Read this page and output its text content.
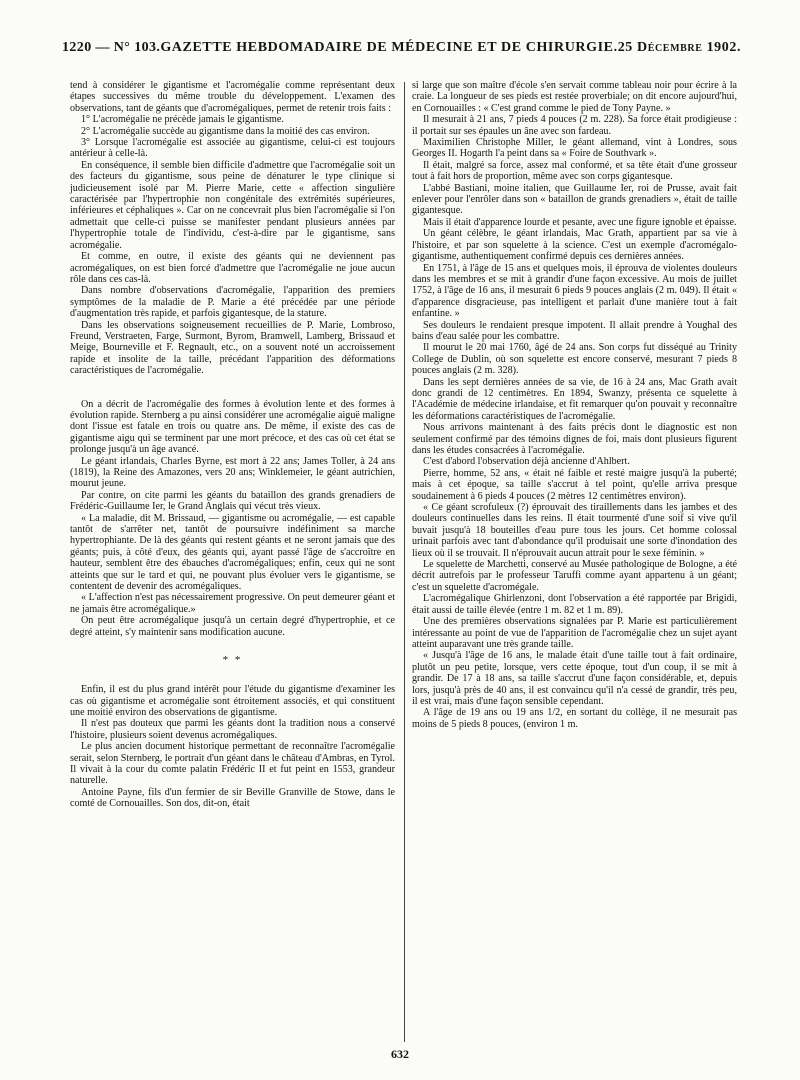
1220 — N° 103. GAZETTE HEBDOMADAIRE DE MÉDECINE ET DE CHIRURGIE. 25 Décembre 1902.

tend à considérer le gigantisme et l'acromégalie comme représentant deux étapes successives du même trouble du développement. L'examen des observations, tant de géants que d'acromégaliques, permet de retenir trois faits :

1° L'acromégalie ne précède jamais le gigantisme.

2° L'acromégalie succède au gigantisme dans la moitié des cas environ.

3° Lorsque l'acromégalie est associée au gigantisme, celui-ci est toujours antérieur à celle-là.

En conséquence, il semble bien difficile d'admettre que l'acromégalie soit un des facteurs du gigantisme, sous peine de dénaturer le type clinique si judicieusement isolé par M. Pierre Marie, cette « affection singulière caractérisée par l'hypertrophie non congénitale des extrémités supérieures, inférieures et céphaliques ». Car on ne concevrait plus bien l'acromégalie si l'on admettait que celle-ci puisse se manifester pendant plusieurs années par l'hypertrophie totale de l'individu, c'est-à-dire par le gigantisme, sans acromégalie.

Et comme, en outre, il existe des géants qui ne deviennent pas acromégaliques, on est bien forcé d'admettre que l'acromégalie ne joue aucun rôle dans ces cas-là.

Dans nombre d'observations d'acromégalie, l'apparition des premiers symptômes de la maladie de P. Marie a été précédée par une période d'augmentation très rapide, et parfois gigantesque, de la stature.

Dans les observations soigneusement recueillies de P. Marie, Lombroso, Freund, Verstraeten, Farge, Surmont, Byrom, Bramwell, Lamberg, Brissaud et Meige, Bourneville et F. Regnault, etc., on a souvent noté un accroissement rapide et insolite de la taille, précédant l'apparition des déformations caractéristiques de l'acromégalie.

On a décrit de l'acromégalie des formes à évolution lente et des formes à évolution rapide. Sternberg a pu ainsi considérer une acromégalie aiguë maligne dont l'issue est fatale en trois ou quatre ans. De même, il existe des cas de gigantisme aigu qui se terminent par une mort précoce, et des cas où cet état se prolonge jusqu'à un âge avancé.

Le géant irlandais, Charles Byrne, est mort à 22 ans; James Toller, à 24 ans (1819), la Reine des Amazones, vers 20 ans; Winklemeier, le géant autrichien, mourut jeune.

Par contre, on cite parmi les géants du bataillon des grands grenadiers de Frédéric-Guillaume Ier, le Grand Anglais qui vécut très vieux.

« La maladie, dit M. Brissaud, — gigantisme ou acromégalie, — est capable tantôt de s'arrêter net, tantôt de poursuivre indéfiniment sa marche hypertrophiante. De là des géants qui restent géants et ne seront jamais que des géants; puis, à côté d'eux, des géants qui, ayant passé l'âge de s'accroître en hauteur, semblent être des ébauches d'acromégaliques; enfin, ceux qui ne sont atteints que sur le tard et qui, ne pouvant plus évoluer vers le gigantisme, se contentent de devenir des acromégaliques.

« L'affection n'est pas nécessairement progressive. On peut demeurer géant et ne jamais être acromégalique.»

On peut être acromégalique jusqu'à un certain degré d'hypertrophie, et ce degré atteint, s'y maintenir sans modification aucune.

* *

Enfin, il est du plus grand intérêt pour l'étude du gigantisme d'examiner les cas où gigantisme et acromégalie sont étroitement associés, et qui constituent une moitié environ des observations de gigantisme.

Il n'est pas douteux que parmi les géants dont la tradition nous a conservé l'histoire, plusieurs soient devenus acromégaliques.

Le plus ancien document historique permettant de reconnaître l'acromégalie serait, selon Sternberg, le portrait d'un géant dans le château d'Ambras, en Tyrol. Il vivait à la cour du comte palatin Frédéric II et fut peint en 1553, grandeur naturelle.

Antoine Payne, fils d'un fermier de sir Beville Granville de Stowe, dans le comté de Cornouailles. Son dos, dit-on, était

si large que son maître d'école s'en servait comme tableau noir pour écrire à la craie. La longueur de ses pieds est restée proverbiale; on dit encore aujourd'hui, en Cornouailles : « C'est grand comme le pied de Tony Payne. »

Il mesurait à 21 ans, 7 pieds 4 pouces (2 m. 228). Sa force était prodigieuse : il portait sur ses épaules un âne avec son fardeau.

Maximilien Christophe Miller, le géant allemand, vint à Londres, sous Georges II. Hogarth l'a peint dans sa « Foire de Southvark ».

Il était, malgré sa force, assez mal conformé, et sa tête était d'une grosseur tout à fait hors de proportion, même avec son corps gigantesque.

L'abbé Bastiani, moine italien, que Guillaume Ier, roi de Prusse, avait fait enlever pour l'enrôler dans son « bataillon de grands grenadiers », était de taille gigantesque.

Mais il était d'apparence lourde et pesante, avec une figure ignoble et épaisse.

Un géant célèbre, le géant irlandais, Mac Grath, appartient par sa vie à l'histoire, et par son squelette à la science. C'est un exemple d'acromégalo-gigantisme, authentiquement confirmé depuis ces dernières années.

En 1751, à l'âge de 15 ans et quelques mois, il éprouva de violentes douleurs dans les membres et se mit à grandir d'une façon excessive. Au mois de juillet 1752, à l'âge de 16 ans, il mesurait 6 pieds 9 pouces anglais (2 m. 049). Il était « d'apparence disgracieuse, pas intelligent et parlait d'une manière tout à fait enfantine. »

Ses douleurs le rendaient presque impotent. Il allait prendre à Youghal des bains d'eau salée pour les combattre.

Il mourut le 20 mai 1760, âgé de 24 ans. Son corps fut disséqué au Trinity College de Dublin, où son squelette est encore conservé, mesurant 7 pieds 8 pouces anglais (2 m. 328).

Dans les sept dernières années de sa vie, de 16 à 24 ans, Mac Grath avait donc grandi de 12 centimètres. En 1894, Swanzy, présenta ce squelette à l'Académie de médecine irlandaise, et fit remarquer qu'on pouvait y reconnaître les déformations caractéristiques de l'acromégalie.

Nous arrivons maintenant à des faits précis dont le diagnostic est non seulement confirmé par des témoins dignes de foi, mais dont plusieurs figurent dans les études consacrées à l'acromégalie.

C'est d'abord l'observation déjà ancienne d'Ahlbert.

Pierre, homme, 52 ans, « était né faible et resté maigre jusqu'à la puberté; mais à cet époque, sa taille s'accrut à tel point, qu'elle arriva presque soudainement à 6 pieds 4 pouces (2 mètres 12 centimètres environ).

« Ce géant scrofuleux (?) éprouvait des tiraillements dans les jambes et des douleurs continuelles dans les reins. Il était tourmenté d'une soif si vive qu'il buvait jusqu'à 18 bouteilles d'eau pure tous les jours. Cet homme colossal urinait parfois avec tant d'abondance qu'il produisait une sorte d'inondation des lieux où il se trouvait. Il n'éprouvait aucun attrait pour le sexe féminin. »

Le squelette de Marchetti, conservé au Musée pathologique de Bologne, a été décrit autrefois par le professeur Taruffi comme ayant appartenu à un géant; c'est un squelette d'acromégale.

L'acromégalique Ghirlenzoni, dont l'observation a été rapportée par Brigidi, était aussi de taille élevée (entre 1 m. 82 et 1 m. 89).

Une des premières observations signalées par P. Marie est particulièrement intéressante au point de vue de l'apparition de l'acromégalie chez un sujet ayant atteint auparavant une très grande taille.

« Jusqu'à l'âge de 16 ans, le malade était d'une taille tout à fait ordinaire, plutôt un peu petite, lorsque, vers cette époque, tout d'un coup, il se mit à grandir. De 17 à 18 ans, sa taille s'accrut d'une façon considérable, et, depuis lors, jusqu'à près de 40 ans, il est convaincu qu'il n'a cessé de grandir, très peu, il est vrai, mais d'une façon sensible cependant.

A l'âge de 19 ans ou 19 ans 1/2, en sortant du collège, il ne mesurait pas moins de 5 pieds 8 pouces, (environ 1 m.

632
